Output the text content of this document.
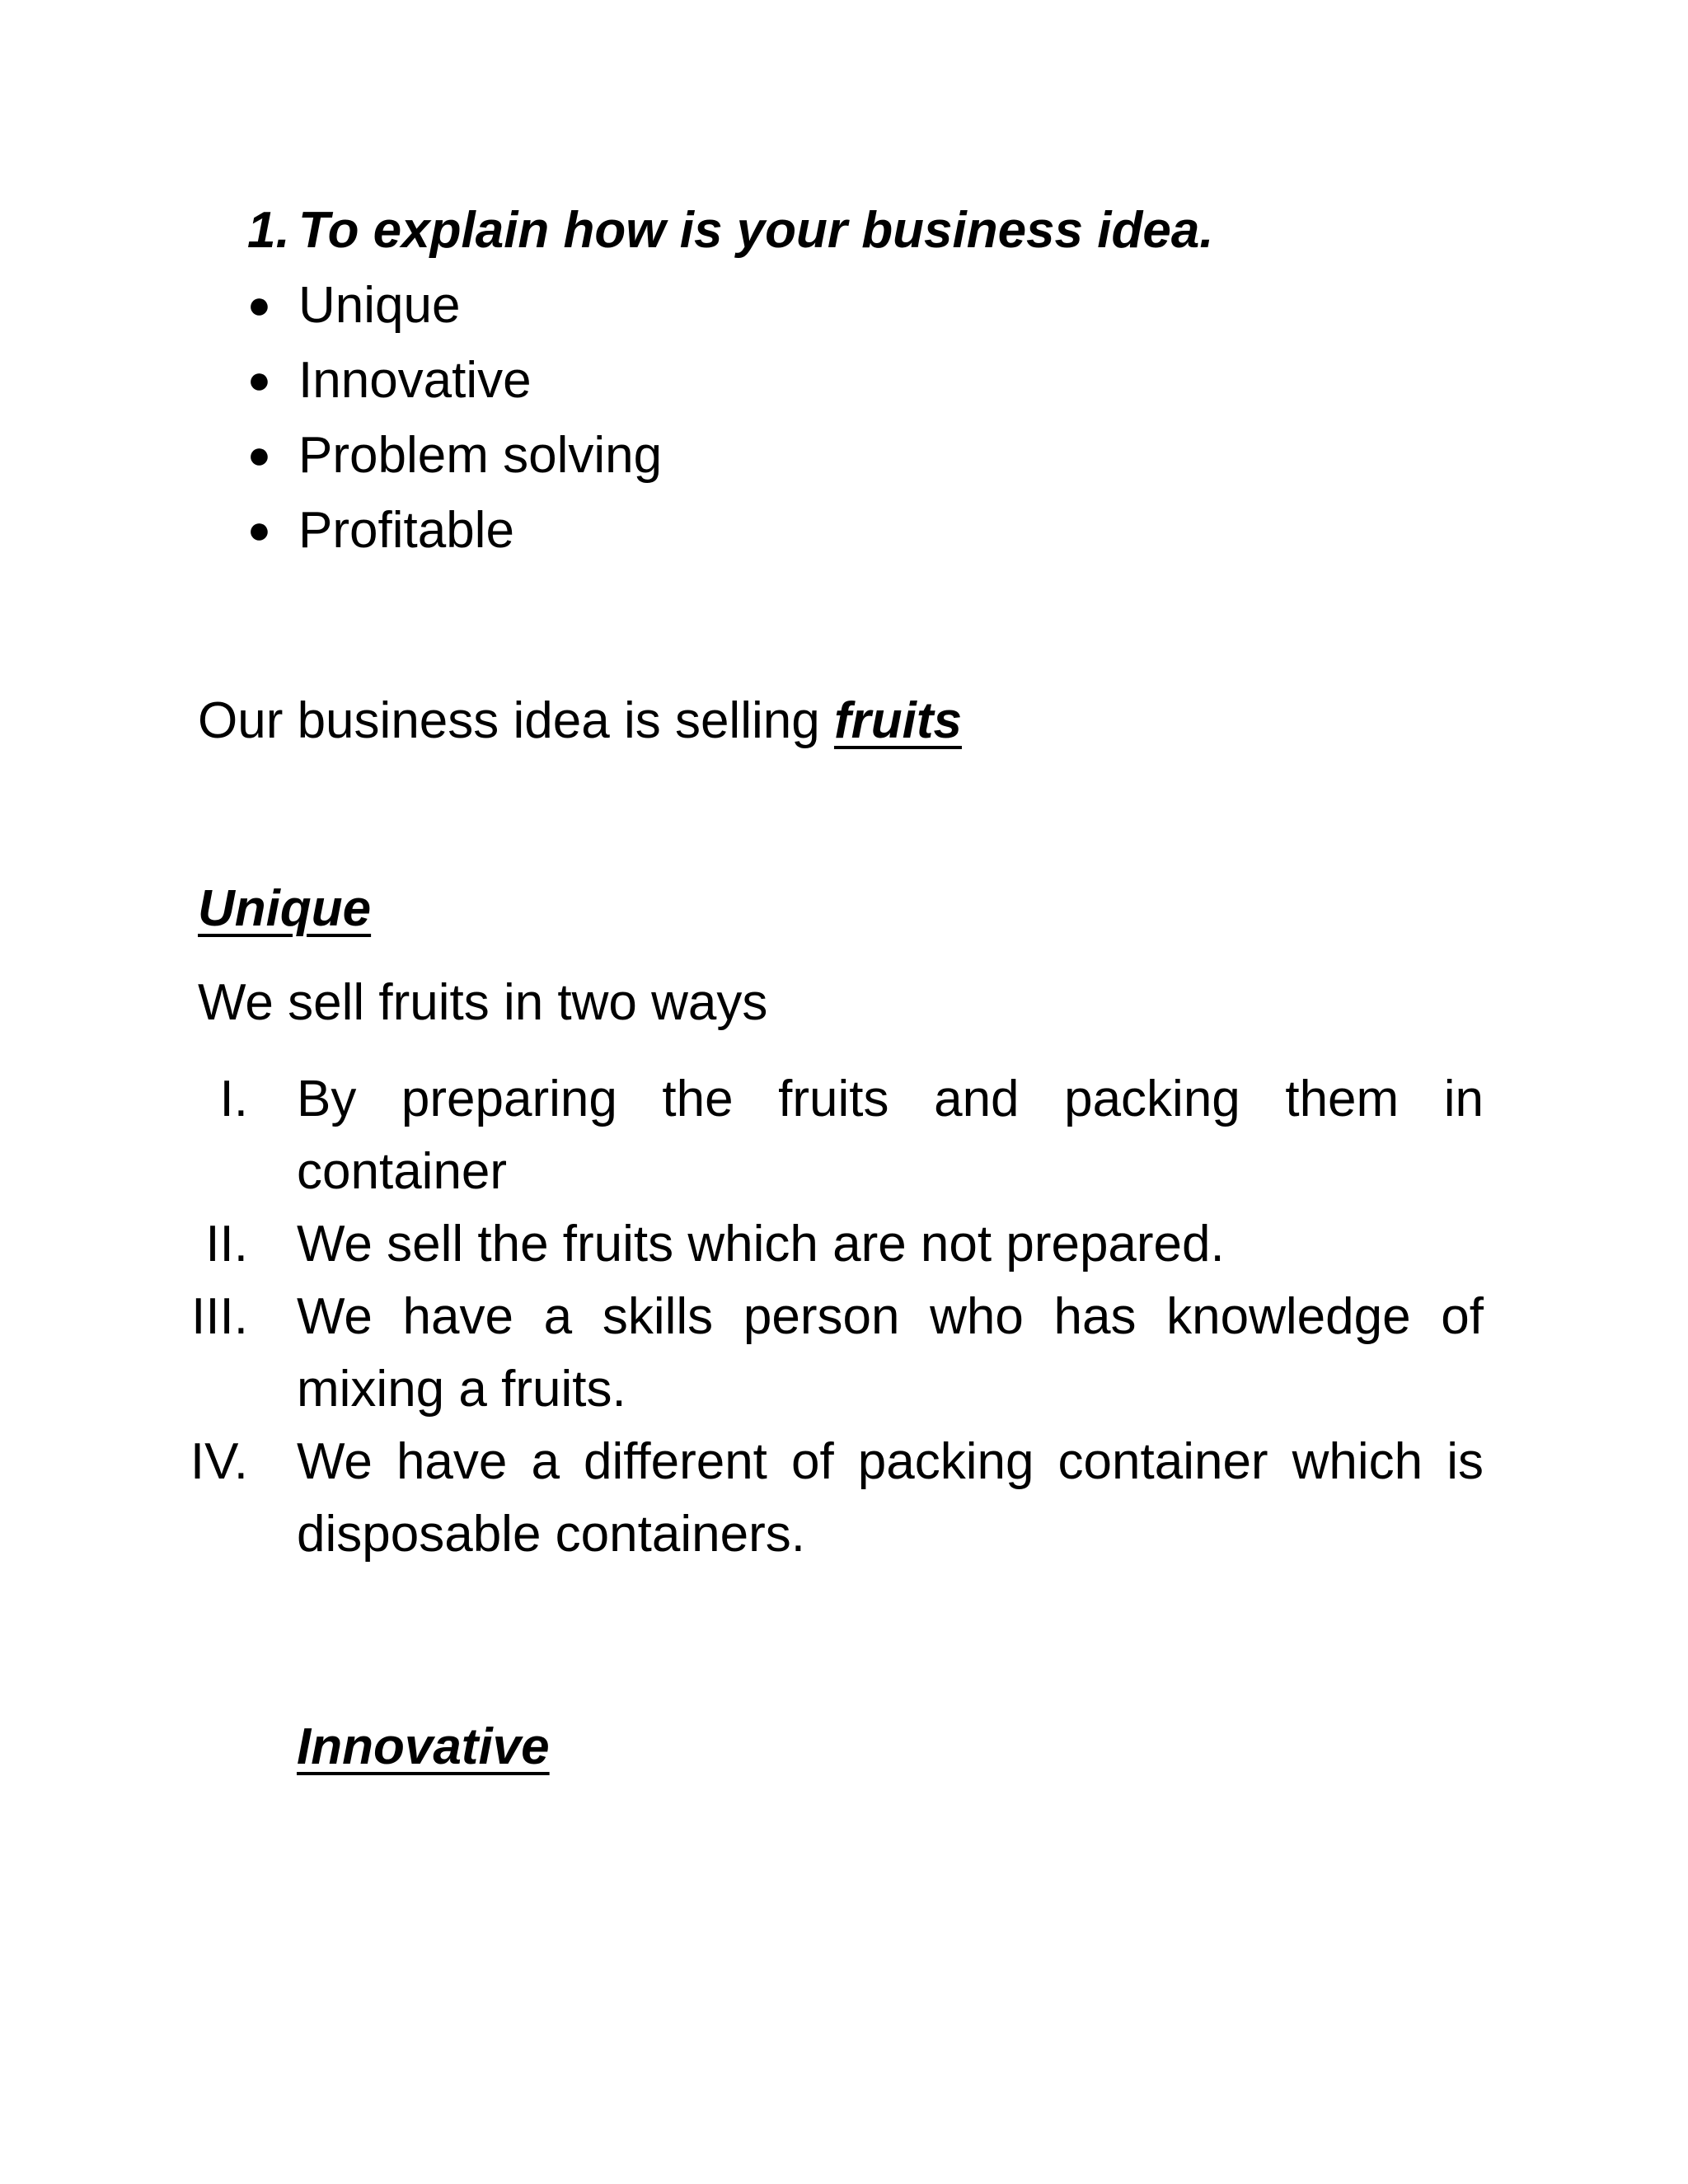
1. To explain how is your business idea.
● Unique
● Innovative
● Problem solving
● Profitable
Our business idea is selling fruits
Unique
We sell fruits in two ways
I. By preparing the fruits and packing them in container
II. We sell the fruits which are not prepared.
III. We have a skills person who has knowledge of mixing a fruits.
IV. We have a different of packing container which is disposable containers.
Innovative
